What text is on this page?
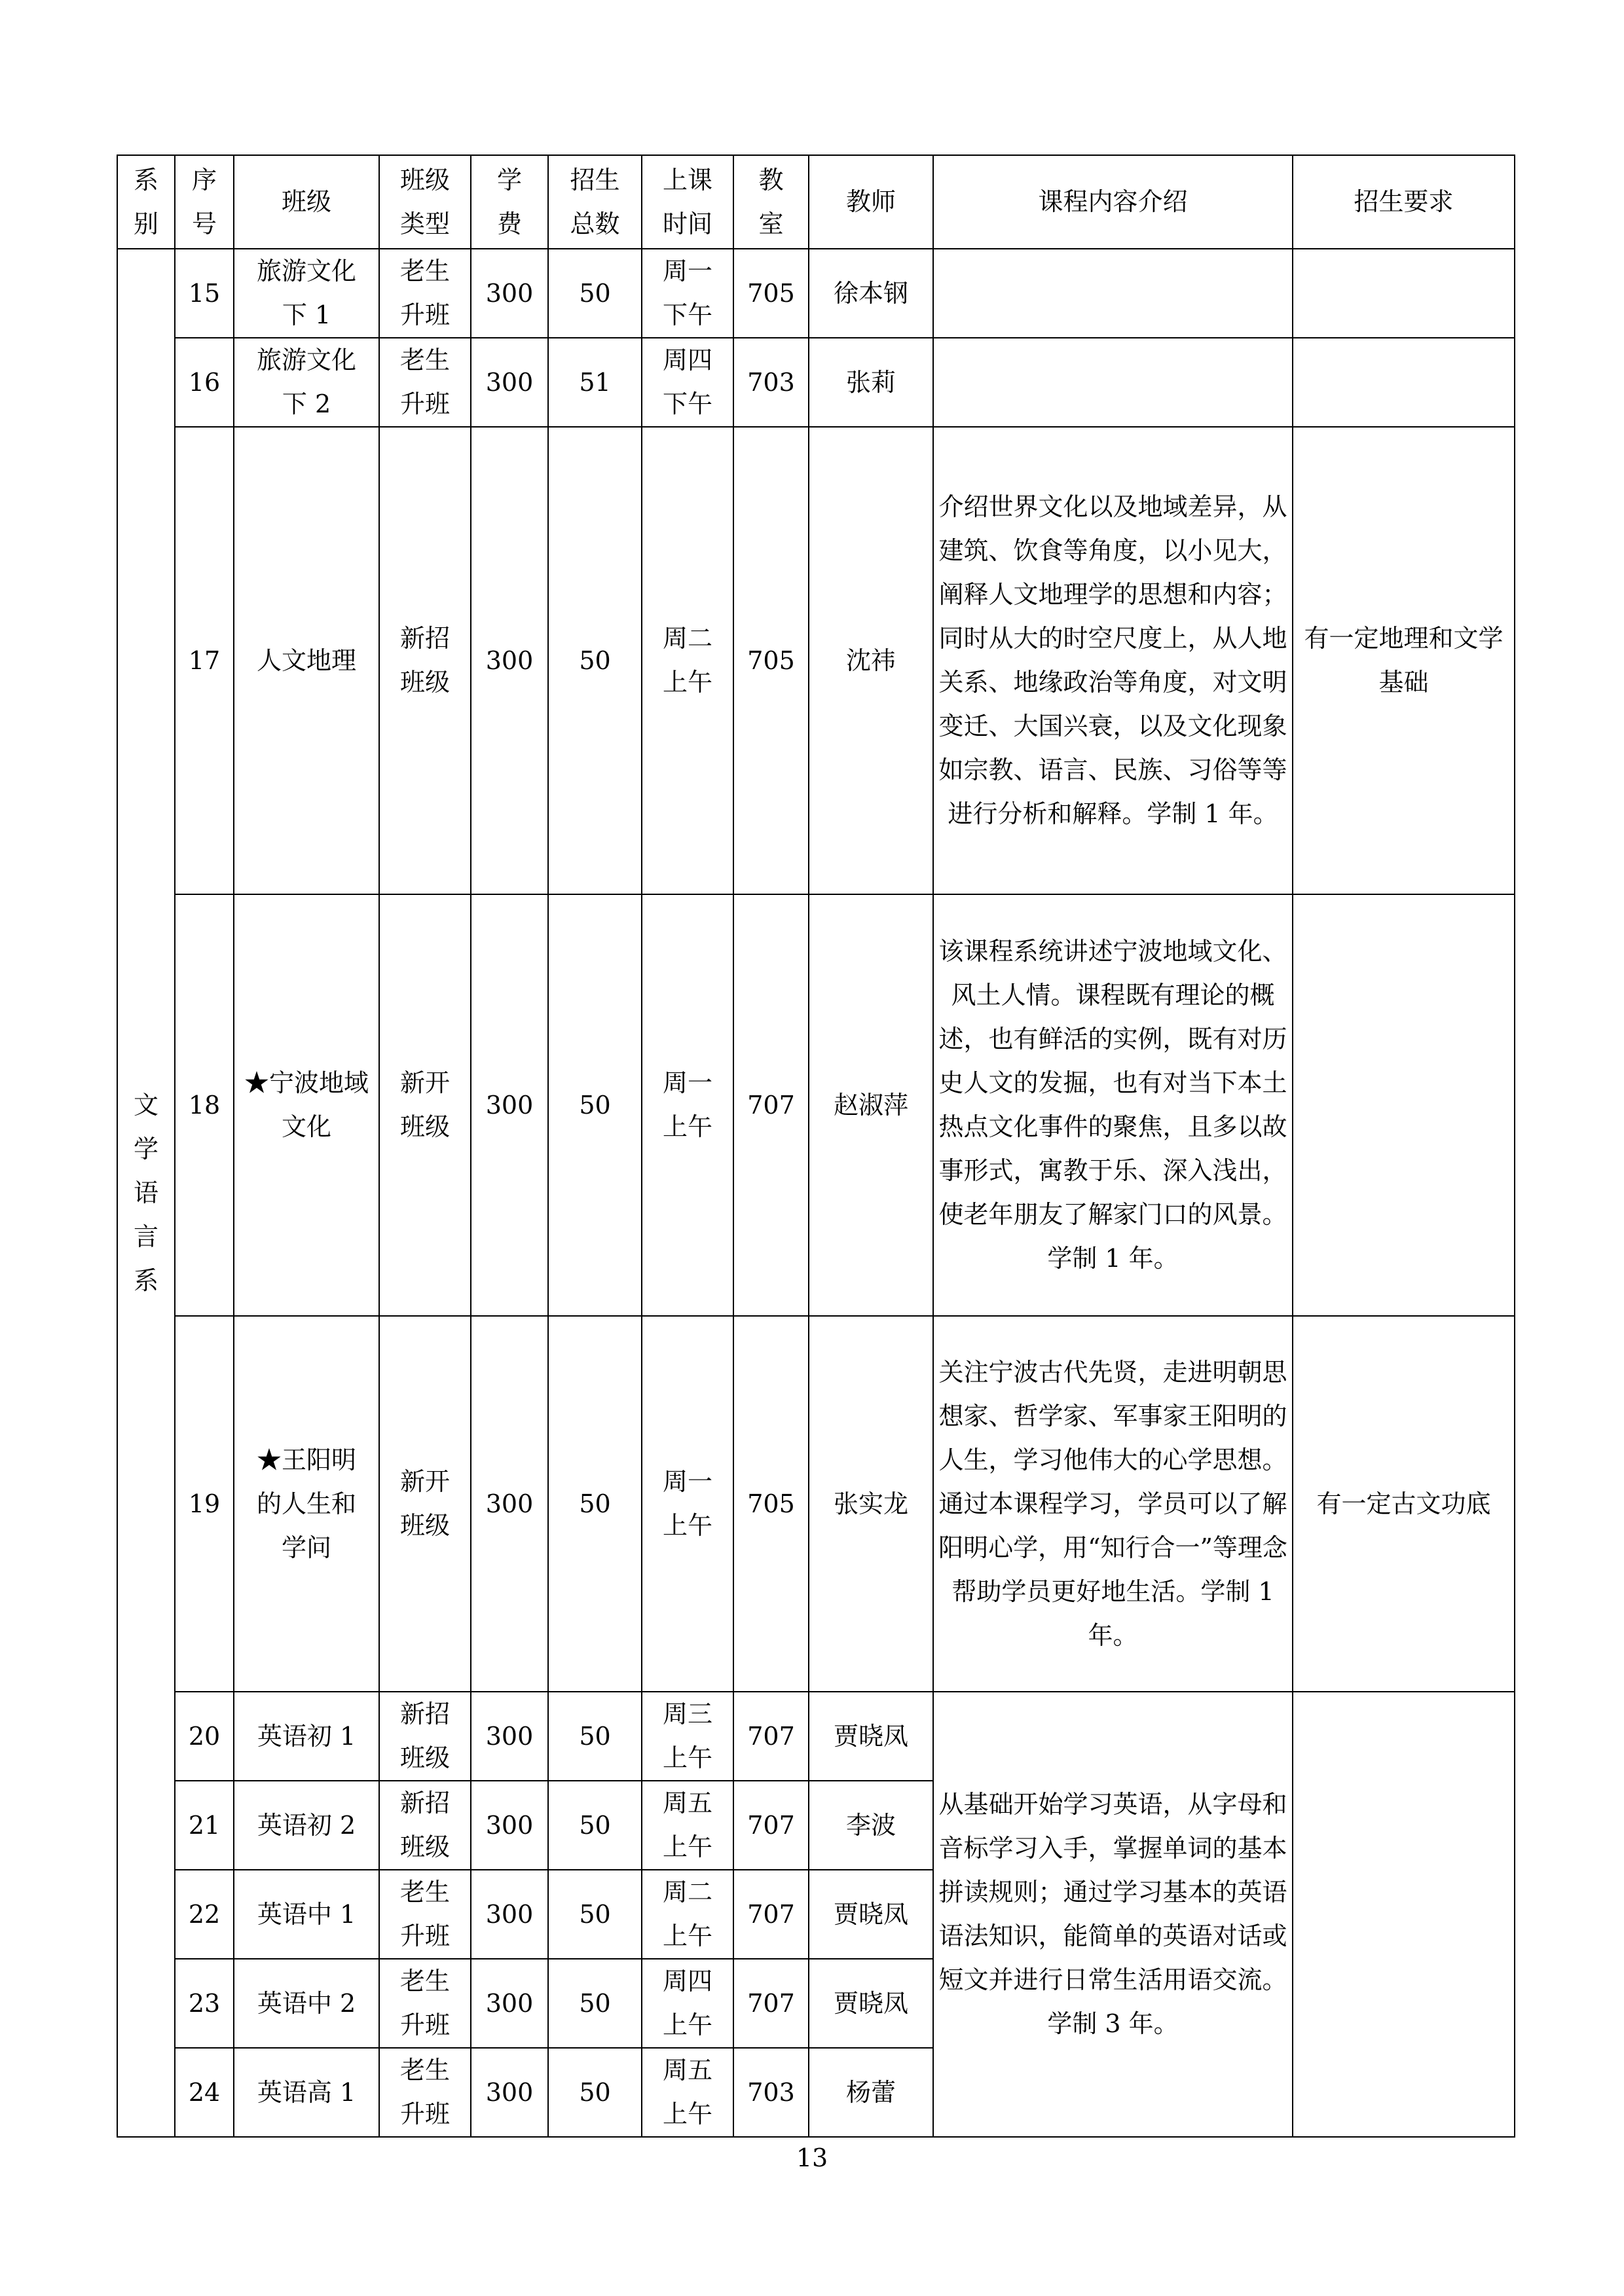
系别	序号	班级	班级类型	学费	招生总数	上课时间	教室	教师	课程内容介绍	招生要求

文学语言系	15	旅游文化下 1	老生升班	300	50	周一下午	705	徐本钢		
	16	旅游文化下 2	老生升班	300	51	周四下午	703	张莉		
	17	人文地理	新招班级	300	50	周二上午	705	沈祎	介绍世界文化以及地域差异，从建筑、饮食等角度，以小见大，阐释人文地理学的思想和内容；同时从大的时空尺度上，从人地关系、地缘政治等角度，对文明变迁、大国兴衰，以及文化现象如宗教、语言、民族、习俗等等进行分析和解释。学制 1 年。	有一定地理和文学基础

	18	★宁波地域文化	新开班级	300	50	周一上午	707	赵淑萍	该课程系统讲述宁波地域文化、风土人情。课程既有理论的概述，也有鲜活的实例，既有对历史人文的发掘，也有对当下本土热点文化事件的聚焦，且多以故事形式，寓教于乐、深入浅出，使老年朋友了解家门口的风景。学制 1 年。	

	19	★王阳明的人生和学问	新开班级	300	50	周一上午	705	张实龙	关注宁波古代先贤，走进明朝思想家、哲学家、军事家王阳明的人生，学习他伟大的心学思想。通过本课程学习，学员可以了解阳明心学，用“知行合一”等理念帮助学员更好地生活。学制 1 年。	有一定古文功底
	20	英语初 1	新招班级	300	50	周三上午	707	贾晓凤	从基础开始学习英语，从字母和音标学习入手，掌握单词的基本拼读规则；通过学习基本的英语语法知识，能简单的英语对话或短文并进行日常生活用语交流。学制 3 年。	

	21	英语初 2	新招班级	300	50	周五上午	707	李波		
	22	英语中 1	老生升班	300	50	周二上午	707	贾晓凤		
	23	英语中 2	老生升班	300	50	周四上午	707	贾晓凤		
	24	英语高 1	老生升班	300	50	周五上午	703	杨蕾		
13
